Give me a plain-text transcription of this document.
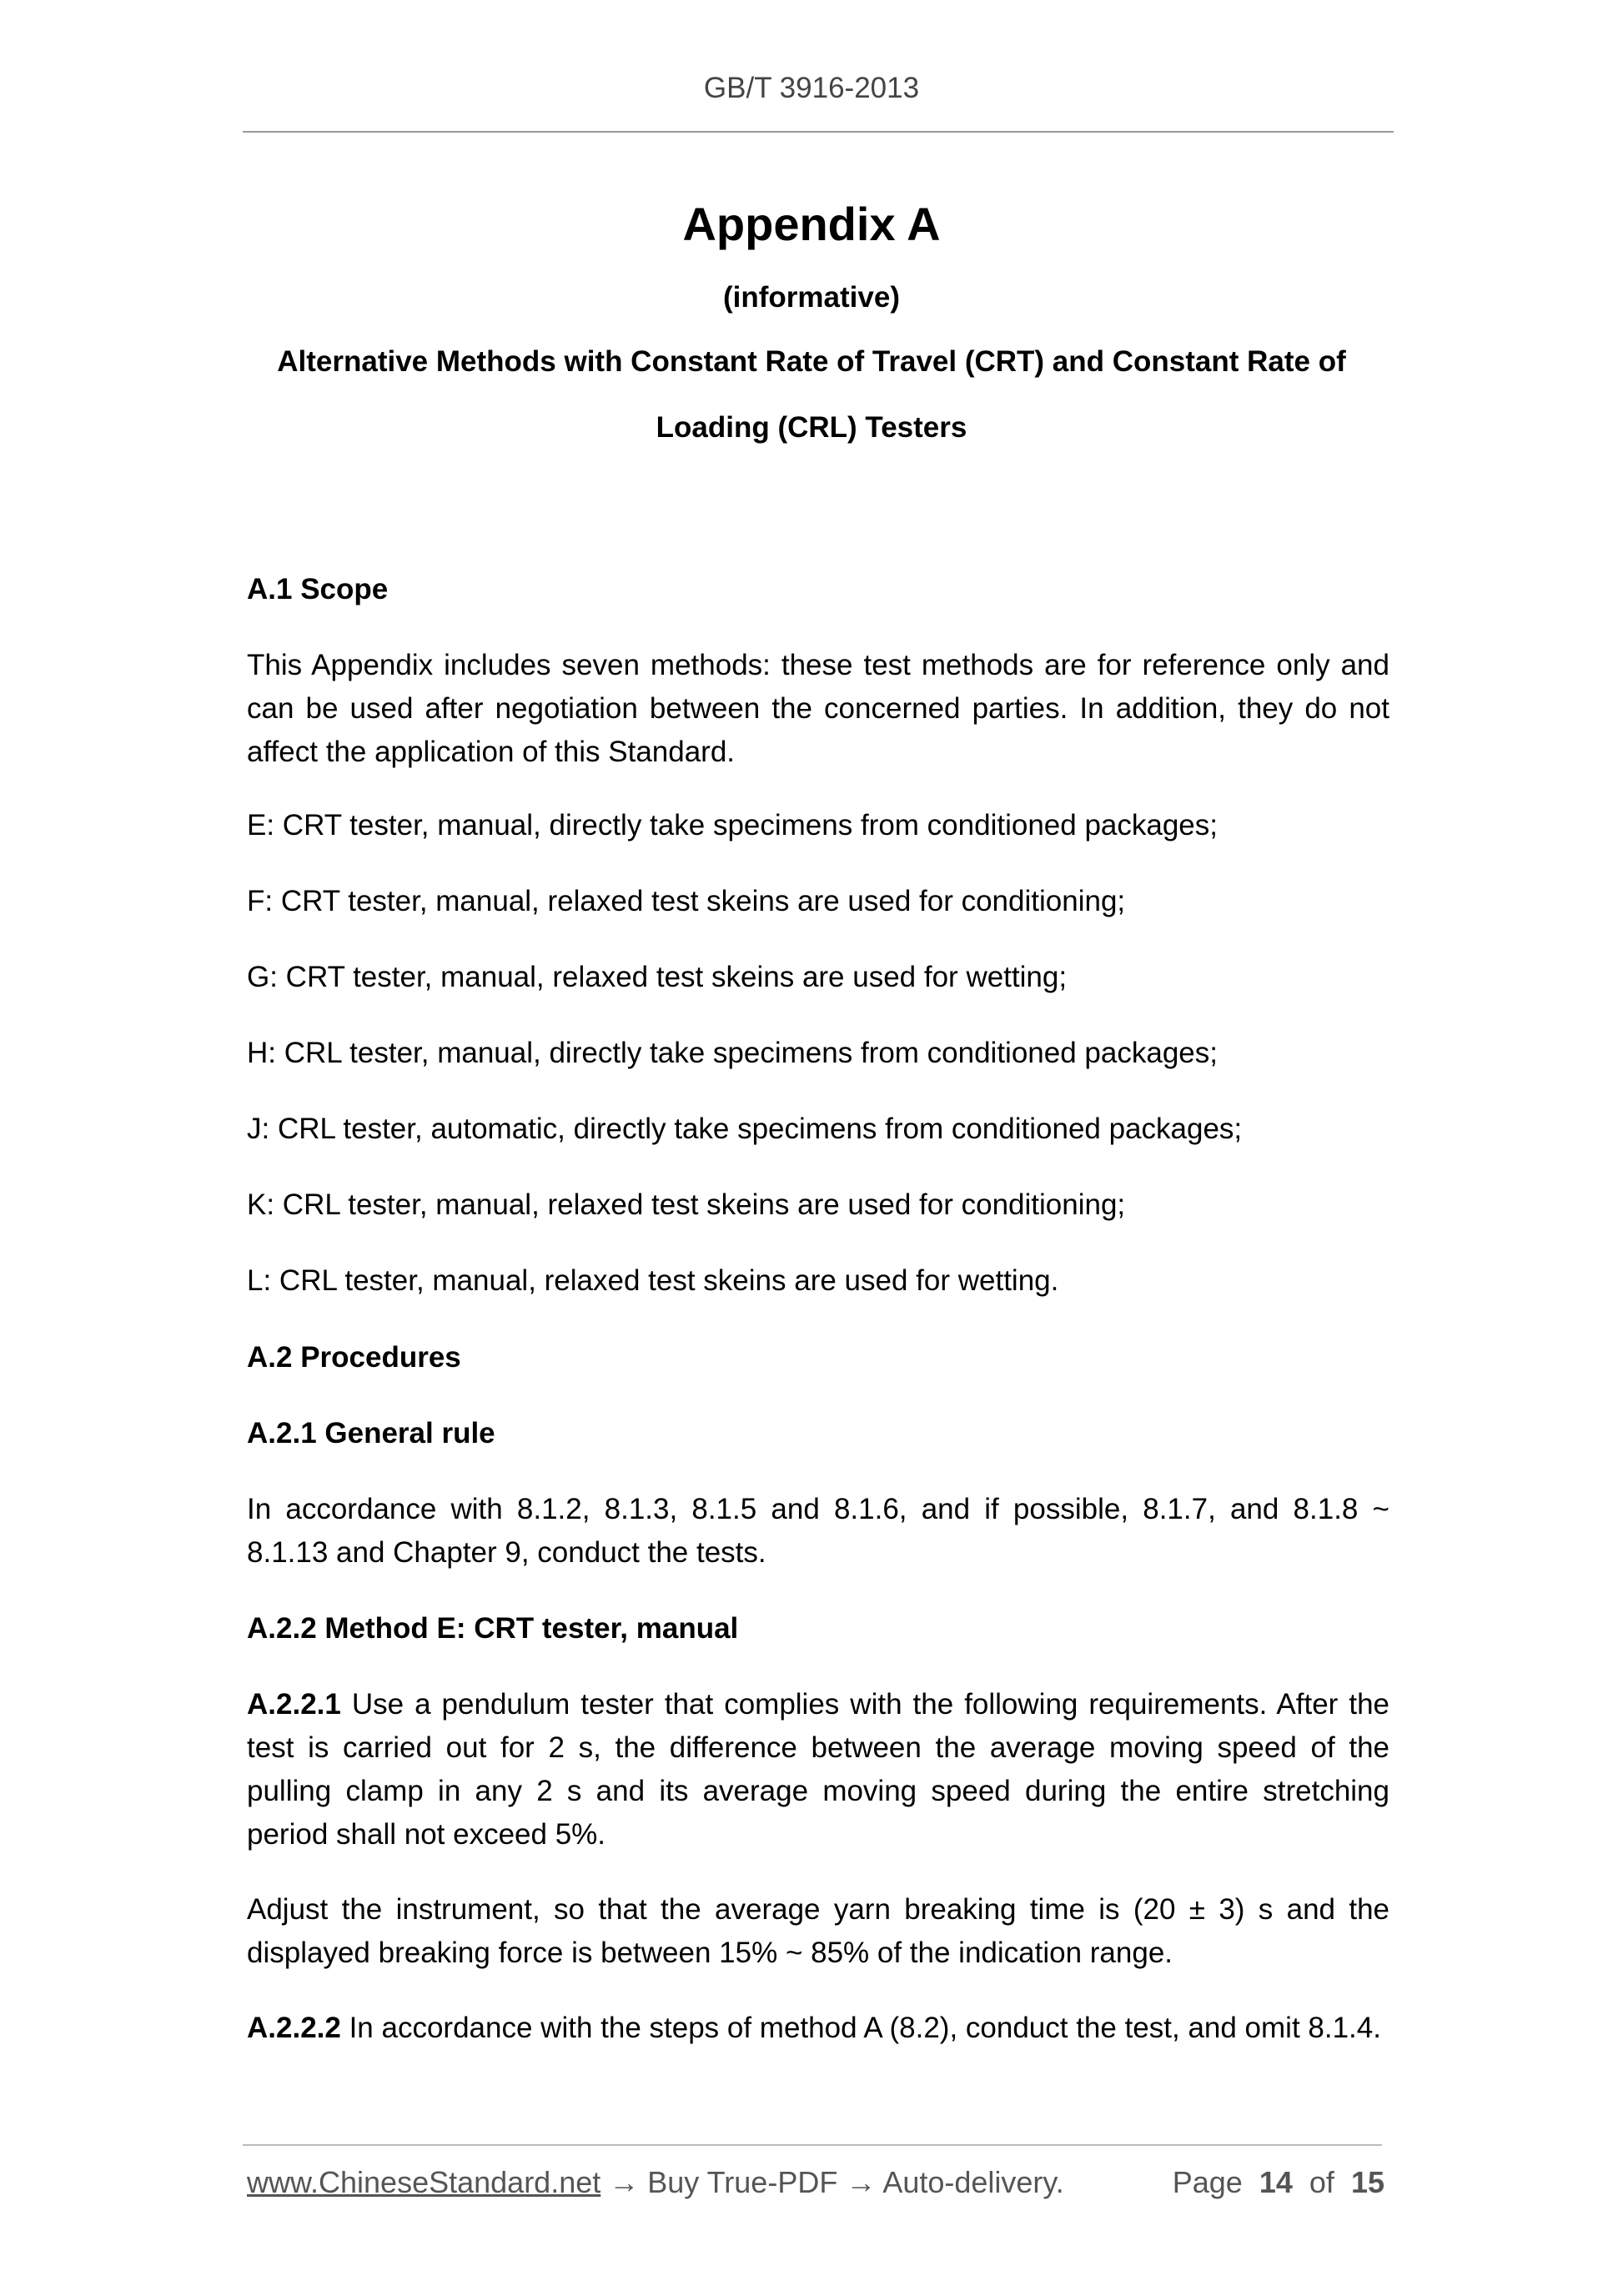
GB/T 3916-2013
Appendix A
(informative)
Alternative Methods with Constant Rate of Travel (CRT) and Constant Rate of
Loading (CRL) Testers

A.1 Scope

This Appendix includes seven methods: these test methods are for reference only and can be used after negotiation between the concerned parties. In addition, they do not affect the application of this Standard.

E: CRT tester, manual, directly take specimens from conditioned packages;

F: CRT tester, manual, relaxed test skeins are used for conditioning;

G: CRT tester, manual, relaxed test skeins are used for wetting;

H: CRL tester, manual, directly take specimens from conditioned packages;

J: CRL tester, automatic, directly take specimens from conditioned packages;

K: CRL tester, manual, relaxed test skeins are used for conditioning;

L: CRL tester, manual, relaxed test skeins are used for wetting.

A.2 Procedures

A.2.1 General rule

In accordance with 8.1.2, 8.1.3, 8.1.5 and 8.1.6, and if possible, 8.1.7, and 8.1.8 ~ 8.1.13 and Chapter 9, conduct the tests.

A.2.2 Method E: CRT tester, manual

A.2.2.1 Use a pendulum tester that complies with the following requirements. After the test is carried out for 2 s, the difference between the average moving speed of the pulling clamp in any 2 s and its average moving speed during the entire stretching period shall not exceed 5%.

Adjust the instrument, so that the average yarn breaking time is (20 ± 3) s and the displayed breaking force is between 15% ~ 85% of the indication range.

A.2.2.2 In accordance with the steps of method A (8.2), conduct the test, and omit 8.1.4.

www.ChineseStandard.net → Buy True-PDF → Auto-delivery.	Page 14 of 15
